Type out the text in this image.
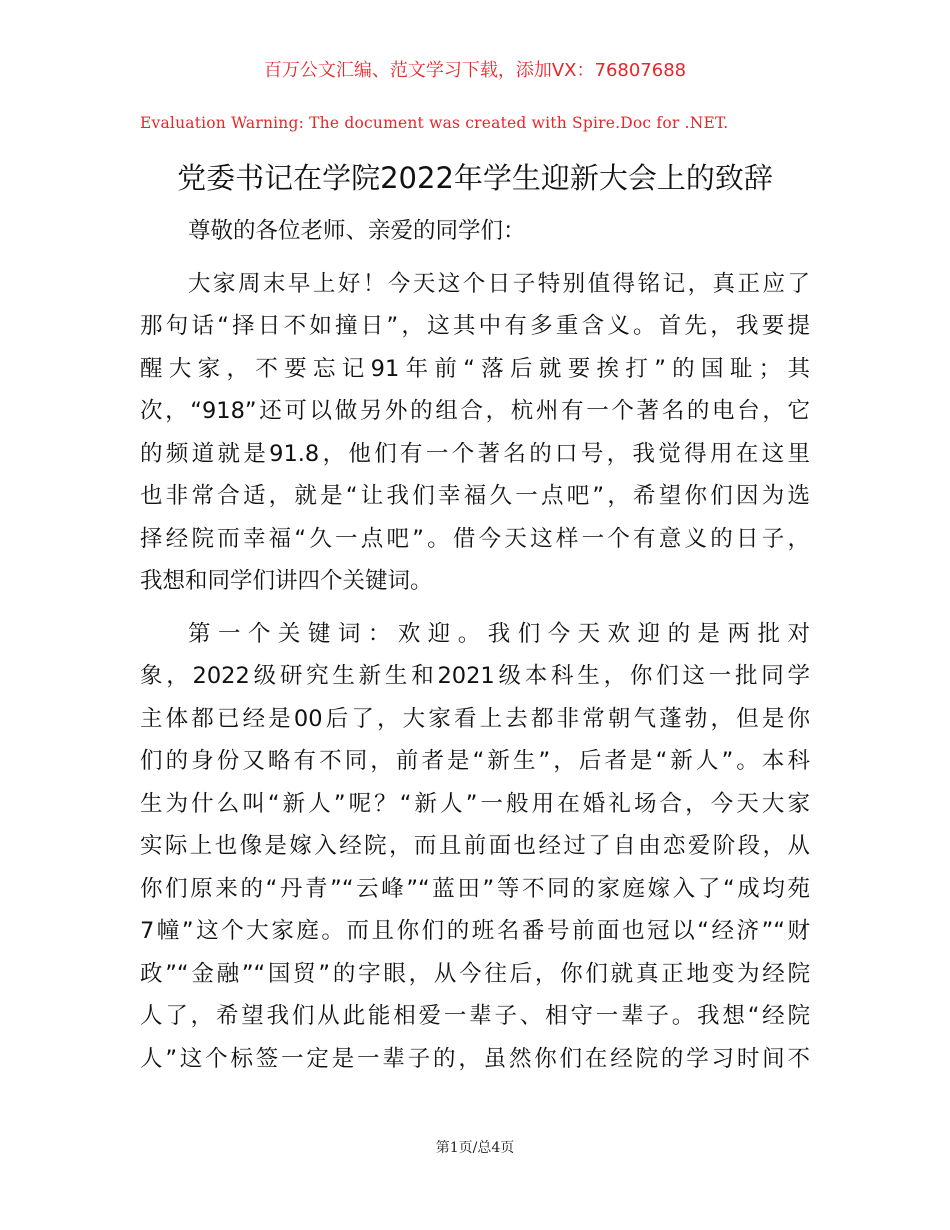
百万公文汇编、范文学习下载，添加VX：76807688
Evaluation Warning: The document was created with Spire.Doc for .NET.
党委书记在学院2022年学生迎新大会上的致辞
尊敬的各位老师、亲爱的同学们：
大家周末早上好！今天这个日子特别值得铭记，真正应了
那句话“择日不如撞日”，这其中有多重含义。首先，我要提
醒大家，不要忘记91年前“落后就要挨打”的国耻；其
次，“918”还可以做另外的组合，杭州有一个著名的电台，它
的频道就是91.8，他们有一个著名的口号，我觉得用在这里
也非常合适，就是“让我们幸福久一点吧”，希望你们因为选
择经院而幸福“久一点吧”。借今天这样一个有意义的日子，
我想和同学们讲四个关键词。
第一个关键词：欢迎。我们今天欢迎的是两批对
象，2022级研究生新生和2021级本科生，你们这一批同学
主体都已经是00后了，大家看上去都非常朝气蓬勃，但是你
们的身份又略有不同，前者是“新生”，后者是“新人”。本科
生为什么叫“新人”呢？“新人”一般用在婚礼场合，今天大家
实际上也像是嫁入经院，而且前面也经过了自由恋爱阶段，从
你们原来的“丹青”“云峰”“蓝田”等不同的家庭嫁入了“成均苑
7幢”这个大家庭。而且你们的班名番号前面也冠以“经济”“财
政”“金融”“国贸”的字眼，从今往后，你们就真正地变为经院
人了，希望我们从此能相爱一辈子、相守一辈子。我想“经院
人”这个标签一定是一辈子的，虽然你们在经院的学习时间不
第1页/总4页
